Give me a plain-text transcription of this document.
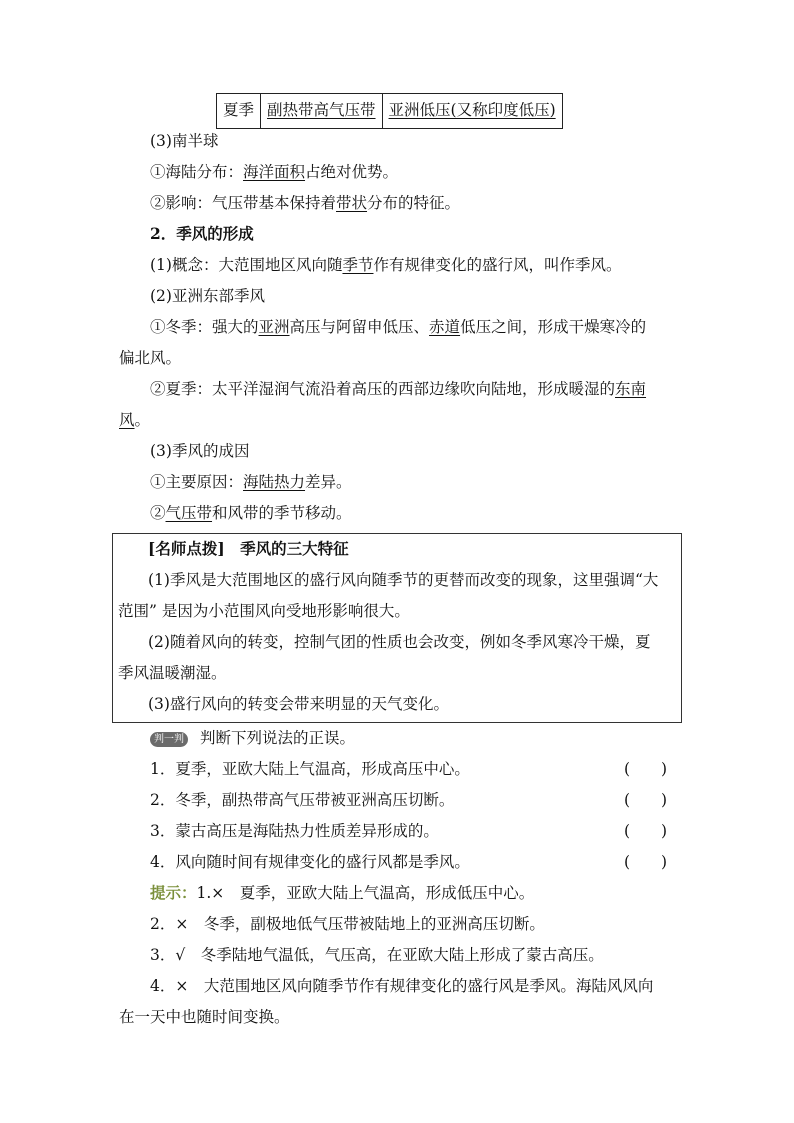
夏季 副热带高气压带 亚洲低压(又称印度低压)
(3)南半球
①海陆分布：海洋面积占绝对优势。
②影响：气压带基本保持着带状分布的特征。
2．季风的形成
(1)概念：大范围地区风向随季节作有规律变化的盛行风，叫作季风。
(2)亚洲东部季风
①冬季：强大的亚洲高压与阿留申低压、赤道低压之间，形成干燥寒冷的
偏北风。
②夏季：太平洋湿润气流沿着高压的西部边缘吹向陆地，形成暖湿的东南
风。
(3)季风的成因
①主要原因：海陆热力差异。
②气压带和风带的季节移动。
[名师点拨]　季风的三大特征
(1)季风是大范围地区的盛行风向随季节的更替而改变的现象，这里强调“大
范围” 是因为小范围风向受地形影响很大。
(2)随着风向的转变，控制气团的性质也会改变，例如冬季风寒冷干燥，夏
季风温暖潮湿。
(3)盛行风向的转变会带来明显的天气变化。
判一判 判断下列说法的正误。
1．夏季，亚欧大陆上气温高，形成高压中心。	(　　)
2．冬季，副热带高气压带被亚洲高压切断。	(　　)
3．蒙古高压是海陆热力性质差异形成的。	(　　)
4．风向随时间有规律变化的盛行风都是季风。	(　　)
提示：1.×　夏季，亚欧大陆上气温高，形成低压中心。
2．×　冬季，副极地低气压带被陆地上的亚洲高压切断。
3．√　冬季陆地气温低，气压高，在亚欧大陆上形成了蒙古高压。
4．×　大范围地区风向随季节作有规律变化的盛行风是季风。海陆风风向
在一天中也随时间变换。
